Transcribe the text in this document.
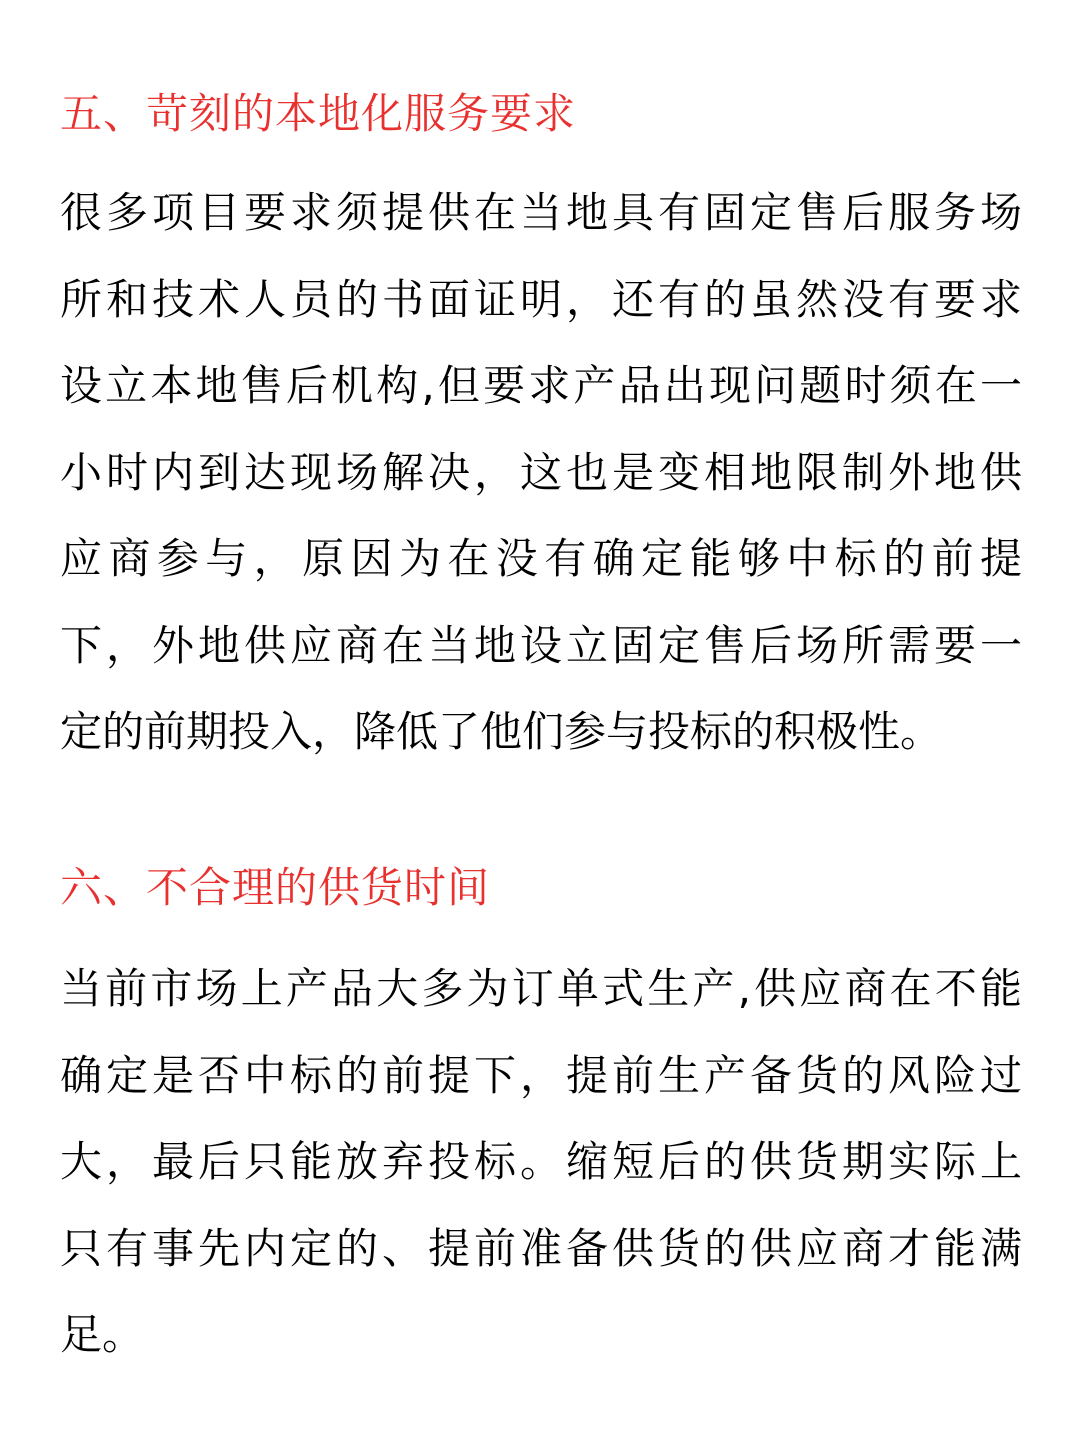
五、苛刻的本地化服务要求
很多项目要求须提供在当地具有固定售后服务场
所和技术人员的书面证明，还有的虽然没有要求
设立本地售后机构,但要求产品出现问题时须在一
小时内到达现场解决，这也是变相地限制外地供
应商参与，原因为在没有确定能够中标的前提
下，外地供应商在当地设立固定售后场所需要一
定的前期投入，降低了他们参与投标的积极性。
六、不合理的供货时间
当前市场上产品大多为订单式生产,供应商在不能
确定是否中标的前提下，提前生产备货的风险过
大，最后只能放弃投标。缩短后的供货期实际上
只有事先内定的、提前准备供货的供应商才能满
足。
